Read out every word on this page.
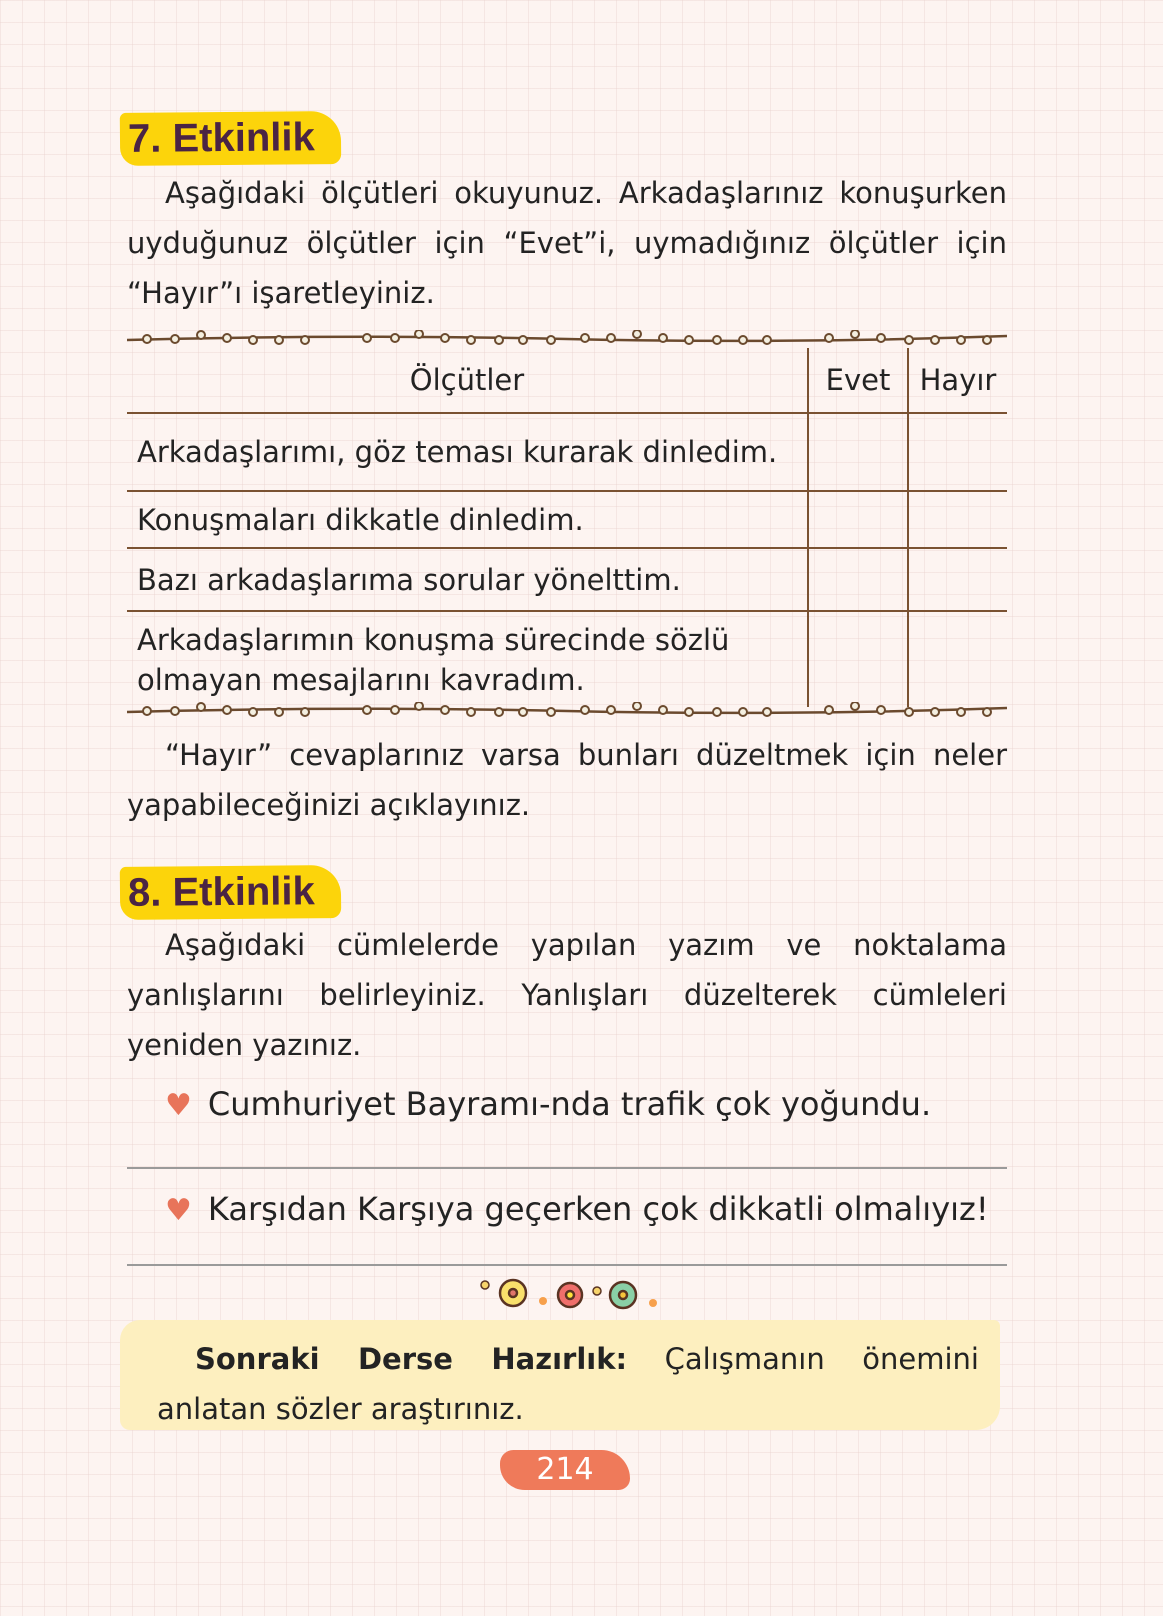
7. Etkinlik
Aşağıdaki ölçütleri okuyunuz. Arkadaşlarınız konuşurken uyduğunuz ölçütler için “Evet”i, uymadığınız ölçütler için “Hayır”ı işaretleyiniz.
Ölçütler	Evet	Hayır
Arkadaşlarımı, göz teması kurarak dinledim.		
Konuşmaları dikkatle dinledim.		
Bazı arkadaşlarıma sorular yönelttim.		
Arkadaşlarımın konuşma sürecinde sözlü olmayan mesajlarını kavradım.		
“Hayır” cevaplarınız varsa bunları düzeltmek için neler yapabileceğinizi açıklayınız.
8. Etkinlik
Aşağıdaki cümlelerde yapılan yazım ve noktalama yanlışlarını belirleyiniz. Yanlışları düzelterek cümleleri yeniden yazınız.
♥ Cumhuriyet Bayramı-nda trafik çok yoğundu.
♥ Karşıdan Karşıya geçerken çok dikkatli olmalıyız!
Sonraki Derse Hazırlık: Çalışmanın önemini anlatan sözler araştırınız.
214
